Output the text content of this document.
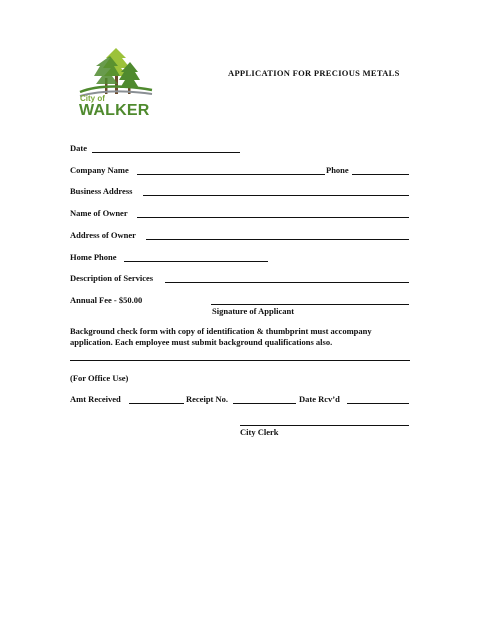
City of
WALKER
APPLICATION FOR PRECIOUS METALS
Date
Company Name	Phone
Business Address
Name of Owner
Address of Owner
Home Phone
Description of Services
Annual Fee - $50.00
Signature of Applicant
Background check form with copy of identification & thumbprint must accompany application. Each employee must submit background qualifications also.
(For Office Use)
Amt Received	Receipt No.	Date Rcv’d
City Clerk
